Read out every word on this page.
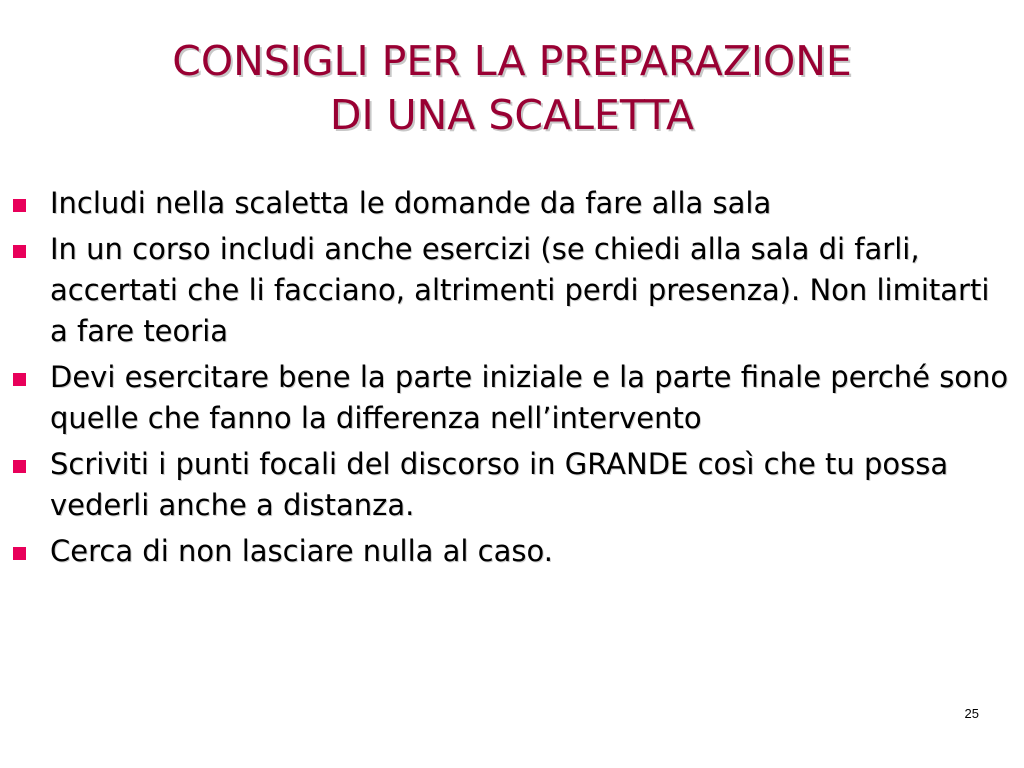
CONSIGLI PER LA PREPARAZIONE
DI UNA SCALETTA
Includi nella scaletta le domande da fare alla sala
In un corso includi anche esercizi (se chiedi alla sala di farli, accertati che li facciano, altrimenti perdi presenza). Non limitarti a fare teoria
Devi esercitare bene la parte iniziale e la parte finale perché sono quelle che fanno la differenza nell’intervento
Scriviti i punti focali del discorso in GRANDE così che tu possa vederli anche a distanza.
Cerca di non lasciare nulla al caso.
25
